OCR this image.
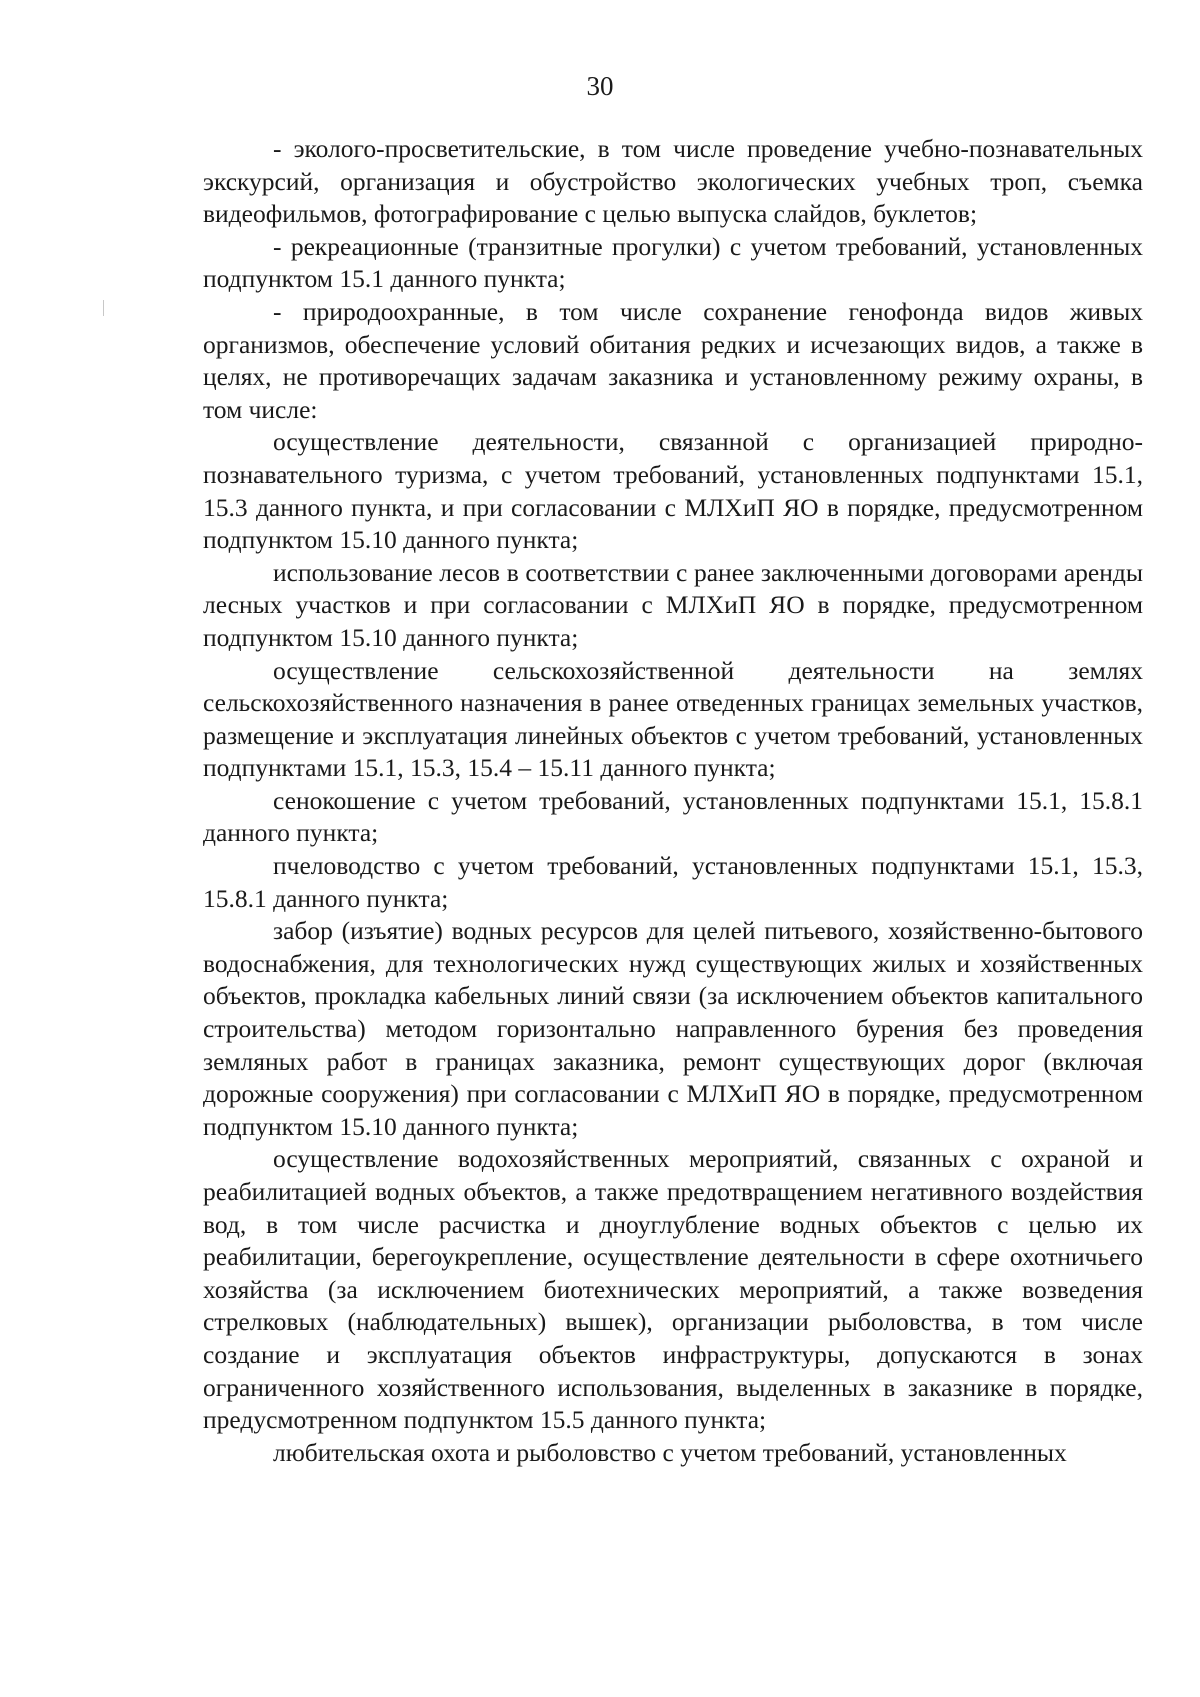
30

- эколого-просветительские, в том числе проведение учебно-познавательных экскурсий, организация и обустройство экологических учебных троп, съемка видеофильмов, фотографирование с целью выпуска слайдов, буклетов;

- рекреационные (транзитные прогулки) с учетом требований, установленных подпунктом 15.1 данного пункта;

- природоохранные, в том числе сохранение генофонда видов живых организмов, обеспечение условий обитания редких и исчезающих видов, а также в целях, не противоречащих задачам заказника и установленному режиму охраны, в том числе:

осуществление деятельности, связанной с организацией природно-познавательного туризма, с учетом требований, установленных подпунктами 15.1, 15.3 данного пункта, и при согласовании с МЛХиП ЯО в порядке, предусмотренном подпунктом 15.10 данного пункта;

использование лесов в соответствии с ранее заключенными договорами аренды лесных участков и при согласовании с МЛХиП ЯО в порядке, предусмотренном подпунктом 15.10 данного пункта;

осуществление сельскохозяйственной деятельности на землях сельскохозяйственного назначения в ранее отведенных границах земельных участков, размещение и эксплуатация линейных объектов с учетом требований, установленных подпунктами 15.1, 15.3, 15.4 – 15.11 данного пункта;

сенокошение с учетом требований, установленных подпунктами 15.1, 15.8.1 данного пункта;

пчеловодство с учетом требований, установленных подпунктами 15.1, 15.3, 15.8.1 данного пункта;

забор (изъятие) водных ресурсов для целей питьевого, хозяйственно-бытового водоснабжения, для технологических нужд существующих жилых и хозяйственных объектов, прокладка кабельных линий связи (за исключением объектов капитального строительства) методом горизонтально направленного бурения без проведения земляных работ в границах заказника, ремонт существующих дорог (включая дорожные сооружения) при согласовании с МЛХиП ЯО в порядке, предусмотренном подпунктом 15.10 данного пункта;

осуществление водохозяйственных мероприятий, связанных с охраной и реабилитацией водных объектов, а также предотвращением негативного воздействия вод, в том числе расчистка и дноуглубление водных объектов с целью их реабилитации, берегоукрепление, осуществление деятельности в сфере охотничьего хозяйства (за исключением биотехнических мероприятий, а также возведения стрелковых (наблюдательных) вышек), организации рыболовства, в том числе создание и эксплуатация объектов инфраструктуры, допускаются в зонах ограниченного хозяйственного использования, выделенных в заказнике в порядке, предусмотренном подпунктом 15.5 данного пункта;

любительская охота и рыболовство с учетом требований, установленных
